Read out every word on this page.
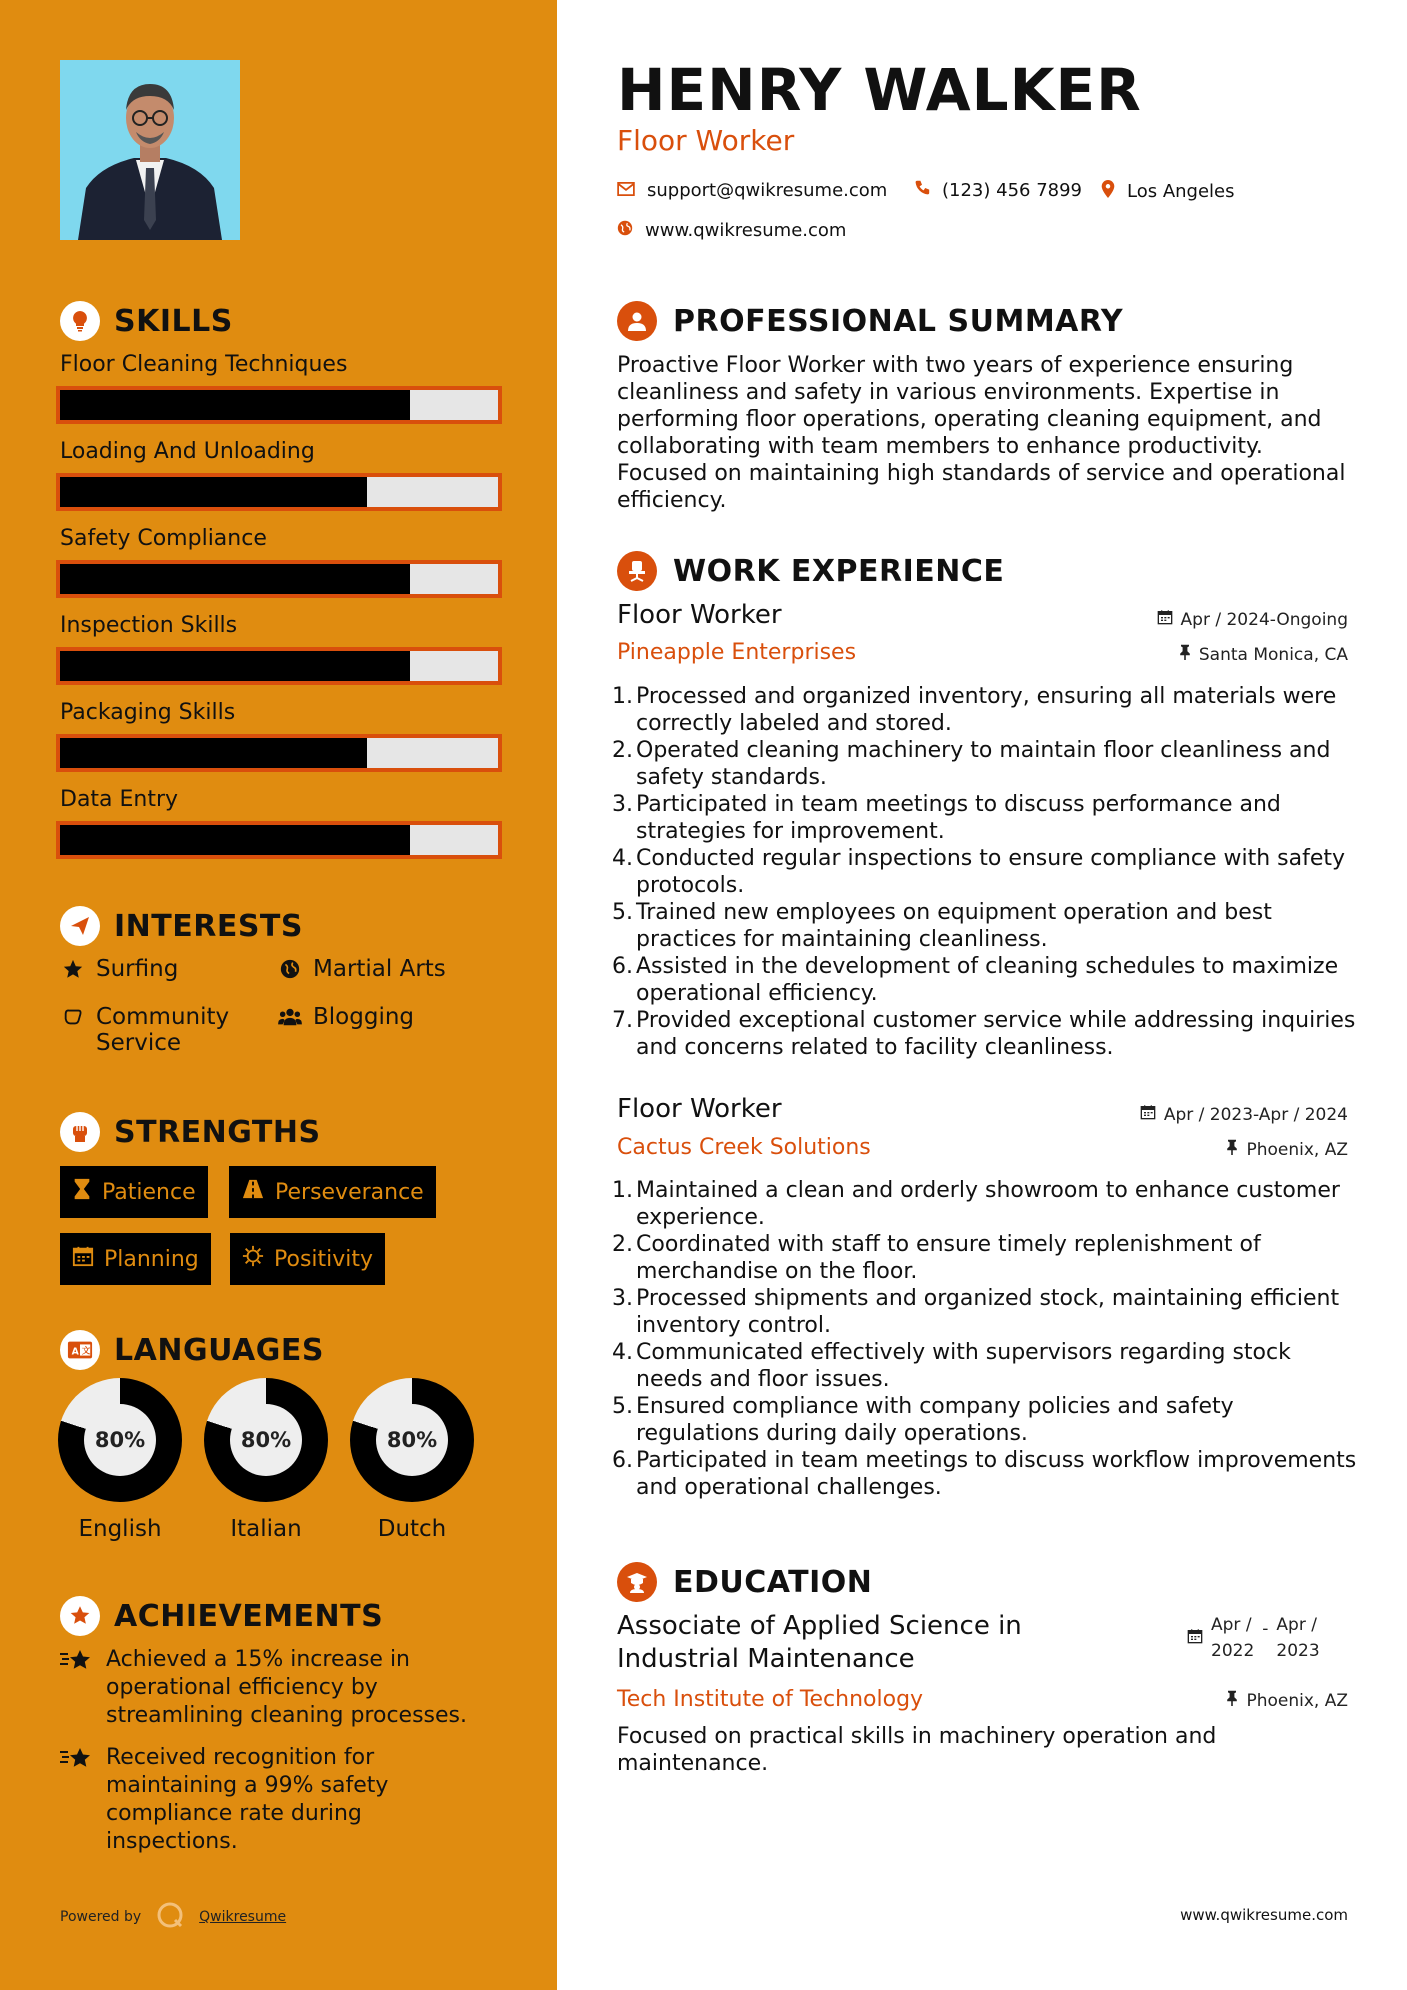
SKILLS
Floor Cleaning Techniques
Loading And Unloading
Safety Compliance
Inspection Skills
Packaging Skills
Data Entry
INTERESTS
Surfing	Martial Arts
Community Service
Blogging
STRENGTHS
Patience	Perseverance
Planning	Positivity
A 文 LANGUAGES
80%
English
80%
Italian
80%
Dutch
ACHIEVEMENTS
Achieved a 15% increase in operational efficiency by streamlining cleaning processes.
Received recognition for maintaining a 99% safety compliance rate during inspections.
Powered by	Qwikresume
HENRY WALKER
Floor Worker
support@qwikresume.com	(123) 456 7899 Los Angeles
www.qwikresume.com
PROFESSIONAL SUMMARY
Proactive Floor Worker with two years of experience ensuring cleanliness and safety in various environments. Expertise in performing floor operations, operating cleaning equipment, and collaborating with team members to enhance productivity. Focused on maintaining high standards of service and operational efficiency.
WORK EXPERIENCE
Floor Worker	Apr / 2024-Ongoing
Pineapple Enterprises	Santa Monica, CA
1. Processed and organized inventory, ensuring all materials were correctly labeled and stored.
2. Operated cleaning machinery to maintain floor cleanliness and safety standards.
3. Participated in team meetings to discuss performance and strategies for improvement.
4. Conducted regular inspections to ensure compliance with safety protocols.
5. Trained new employees on equipment operation and best practices for maintaining cleanliness.
6. Assisted in the development of cleaning schedules to maximize operational efficiency.
7. Provided exceptional customer service while addressing inquiries and concerns related to facility cleanliness.
Floor Worker	Apr / 2023-Apr / 2024
Cactus Creek Solutions	Phoenix, AZ
1. Maintained a clean and orderly showroom to enhance customer experience.
2. Coordinated with staff to ensure timely replenishment of merchandise on the floor.
3. Processed shipments and organized stock, maintaining efficient inventory control.
4. Communicated effectively with supervisors regarding stock needs and floor issues.
5. Ensured compliance with company policies and safety regulations during daily operations.
6. Participated in team meetings to discuss workflow improvements and operational challenges.
EDUCATION
Associate of Applied Science in Industrial Maintenance
Apr /
2022
- Apr /
2023
Tech Institute of Technology	Phoenix, AZ
Focused on practical skills in machinery operation and maintenance.
www.qwikresume.com
